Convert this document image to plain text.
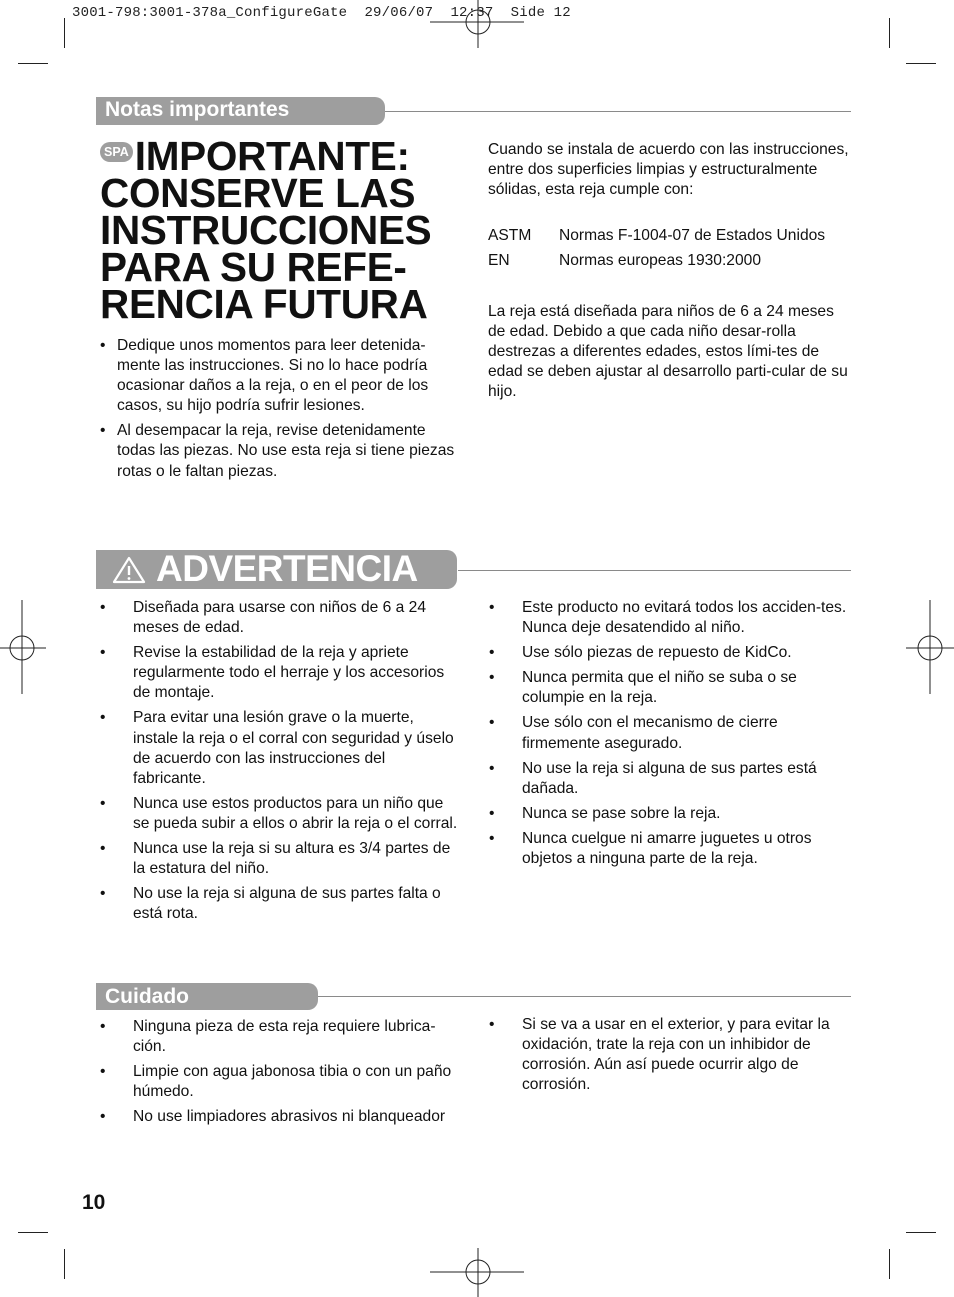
3001-798:3001-378a_ConfigureGate  29/06/07  12:37  Side 12
Notas importantes
SPA IMPORTANTE:
CONSERVE LAS
INSTRUCCIONES
PARA SU REFE-
RENCIA FUTURA
• Dedique unos momentos para leer detenida-mente las instrucciones. Si no lo hace podría ocasionar daños a la reja, o en el peor de los casos, su hijo podría sufrir lesiones.
• Al desempacar la reja, revise detenidamente todas las piezas. No use esta reja si tiene piezas rotas o le faltan piezas.
Cuando se instala de acuerdo con las instrucciones, entre dos superficies limpias y estructuralmente sólidas, esta reja cumple con:
ASTM	Normas F-1004-07 de Estados Unidos
EN	Normas europeas 1930:2000
La reja está diseñada para niños de 6 a 24 meses de edad. Debido a que cada niño desar-rolla destrezas a diferentes edades, estos lími-tes de edad se deben ajustar al desarrollo parti-cular de su hijo.
ADVERTENCIA
• Diseñada para usarse con niños de 6 a 24 meses de edad.
• Revise la estabilidad de la reja y apriete regularmente todo el herraje y los accesorios de montaje.
• Para evitar una lesión grave o la muerte, instale la reja o el corral con seguridad y úselo de acuerdo con las instrucciones del fabricante.
• Nunca use estos productos para un niño que se pueda subir a ellos o abrir la reja o el corral.
• Nunca use la reja si su altura es 3/4 partes de la estatura del niño.
• No use la reja si alguna de sus partes falta o está rota.
• Este producto no evitará todos los acciden-tes. Nunca deje desatendido al niño.
• Use sólo piezas de repuesto de KidCo.
• Nunca permita que el niño se suba o se columpie en la reja.
• Use sólo con el mecanismo de cierre firmemente asegurado.
• No use la reja si alguna de sus partes está dañada.
• Nunca se pase sobre la reja.
• Nunca cuelgue ni amarre juguetes u otros objetos a ninguna parte de la reja.
Cuidado
• Ninguna pieza de esta reja requiere lubrica-ción.
• Limpie con agua jabonosa tibia o con un paño húmedo.
• No use limpiadores abrasivos ni blanqueador
• Si se va a usar en el exterior, y para evitar la oxidación, trate la reja con un inhibidor de corrosión. Aún así puede ocurrir algo de corrosión.
10
